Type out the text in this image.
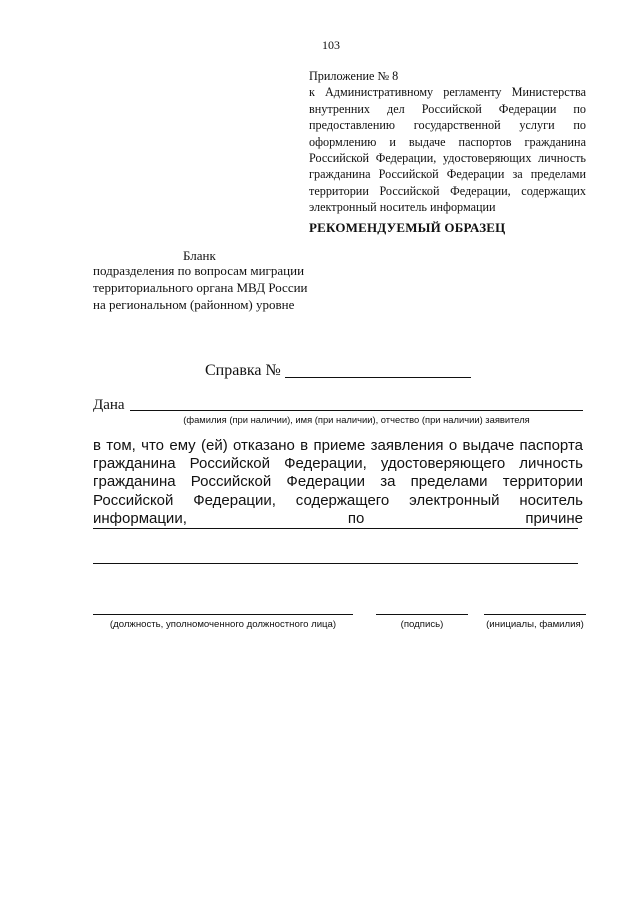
103
Приложение № 8
к Административному регламенту Министерства внутренних дел Российской Федерации по предоставлению государственной услуги по оформлению и выдаче паспортов гражданина Российской Федерации, удостоверяющих личность гражданина Российской Федерации за пределами территории Российской Федерации, содержащих электронный носитель информации
РЕКОМЕНДУЕМЫЙ ОБРАЗЕЦ
Бланк
подразделения по вопросам миграции
территориального органа МВД России
на региональном (районном) уровне
Справка №
Дана
(фамилия (при наличии), имя (при наличии), отчество (при наличии) заявителя
в том, что ему (ей) отказано в приеме заявления о выдаче паспорта гражданина Российской Федерации, удостоверяющего личность гражданина Российской Федерации за пределами территории Российской Федерации, содержащего электронный носитель информации, по причине
(должность, уполномоченного должностного лица)	(подпись)	(инициалы, фамилия)
